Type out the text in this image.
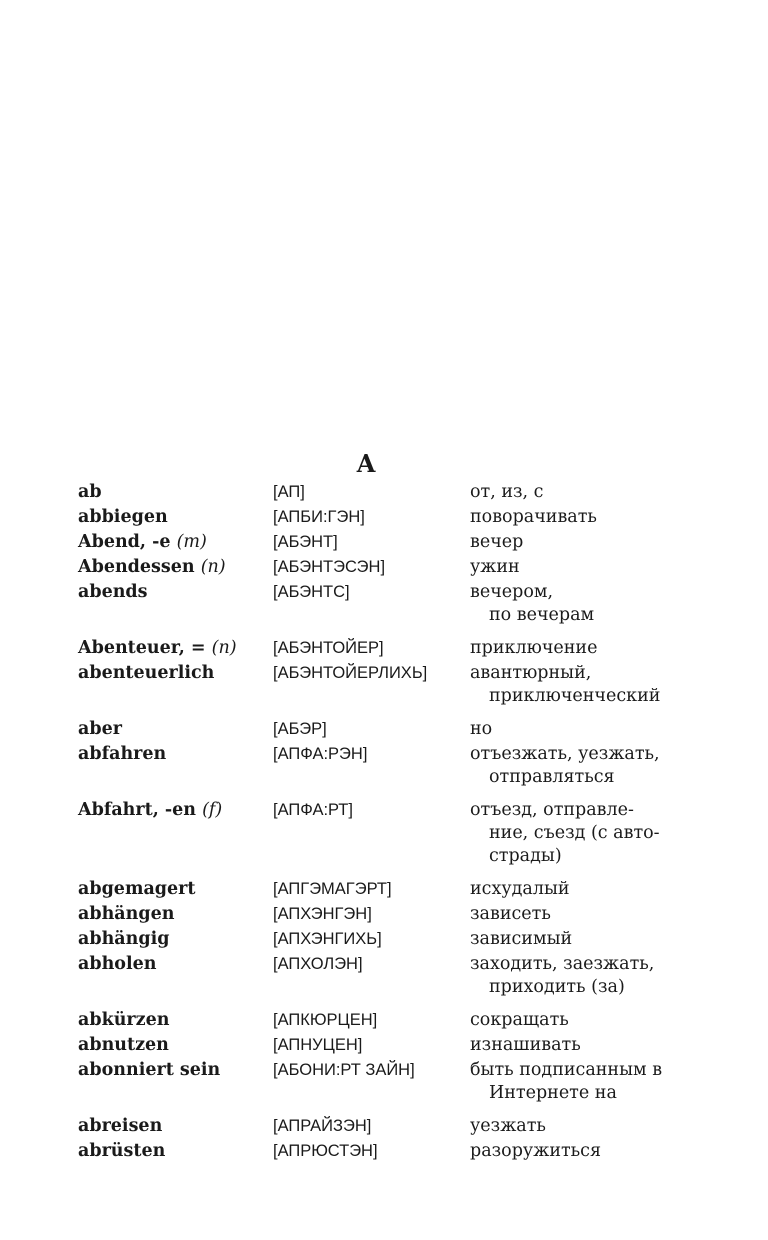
A
ab	[АП]	от, из, с
abbiegen	[АПБИ:ГЭН]	поворачивать
Abend, -e (m)	[АБЭНТ]	вечер
Abendessen (n)	[АБЭНТЭСЭН]	ужин
abends	[АБЭНТС]	вечером,
по вечерам
Abenteuer, = (n)	[АБЭНТОЙЕР]	приключение
abenteuerlich	[АБЭНТОЙЕРЛИХЬ]	авантюрный,
приключенческий
aber	[АБЭР]	но
abfahren	[АПФА:РЭН]	отъезжать, уезжать,
отправляться
Abfahrt, -en (f)	[АПФА:РТ]	отъезд, отправле-
ние, съезд (с авто-
страды)
abgemagert	[АПГЭМАГЭРТ]	исхудалый
abhängen	[АПХЭНГЭН]	зависеть
abhängig	[АПХЭНГИХЬ]	зависимый
abholen	[АПХОЛЭН]	заходить, заезжать,
приходить (за)
abkürzen	[АПКЮРЦЕН]	сокращать
abnutzen	[АПНУЦЕН]	изнашивать
abonniert sein	[АБОНИ:РТ ЗАЙН]	быть подписанным в
Интернете на
abreisen	[АПРАЙЗЭН]	уезжать
abrüsten	[АПРЮСТЭН]	разоружиться
